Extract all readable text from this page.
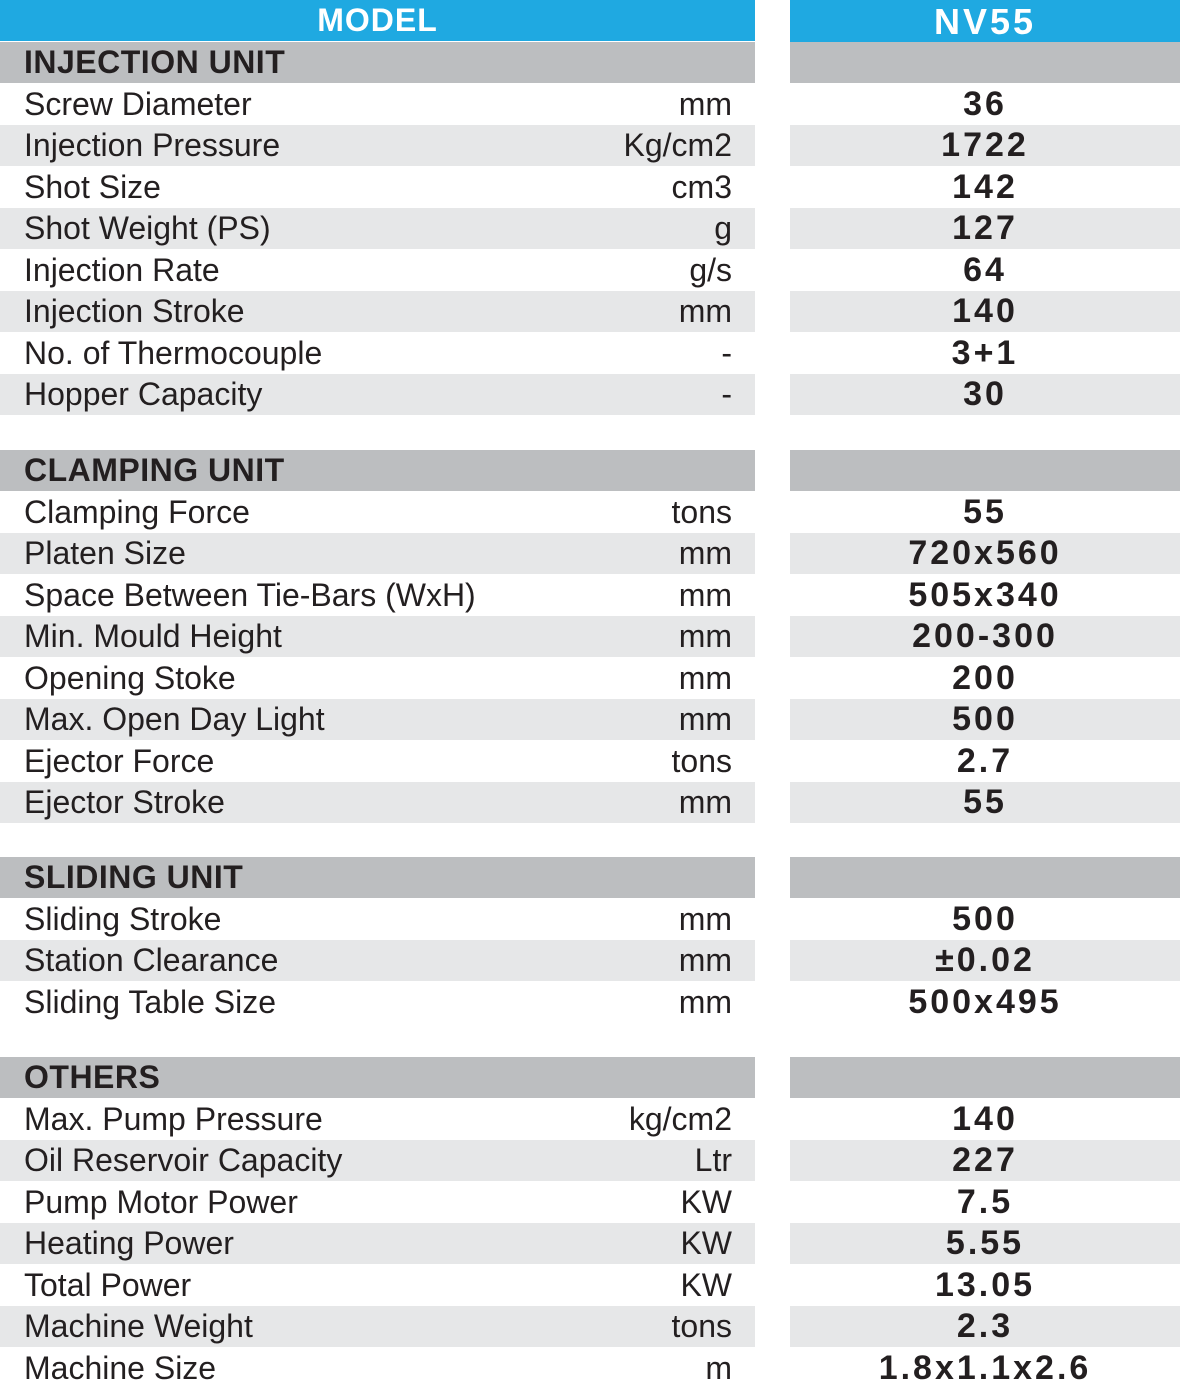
MODEL	NV55
INJECTION UNIT
Screw Diameter	mm	36
Injection Pressure	Kg/cm2	1722
Shot Size	cm3	142
Shot Weight (PS)	g	127
Injection Rate	g/s	64
Injection Stroke	mm	140
No. of Thermocouple	-	3+1
Hopper Capacity	-	30
CLAMPING UNIT
Clamping Force	tons	55
Platen Size	mm	720x560
Space Between Tie-Bars (WxH)	mm	505x340
Min. Mould Height	mm	200-300
Opening Stoke	mm	200
Max. Open Day Light	mm	500
Ejector Force	tons	2.7
Ejector Stroke	mm	55
SLIDING UNIT
Sliding Stroke	mm	500
Station Clearance	mm	±0.02
Sliding Table Size	mm	500x495
OTHERS
Max. Pump Pressure	kg/cm2	140
Oil Reservoir Capacity	Ltr	227
Pump Motor Power	KW	7.5
Heating Power	KW	5.55
Total Power	KW	13.05
Machine Weight	tons	2.3
Machine Size	m	1.8x1.1x2.6
